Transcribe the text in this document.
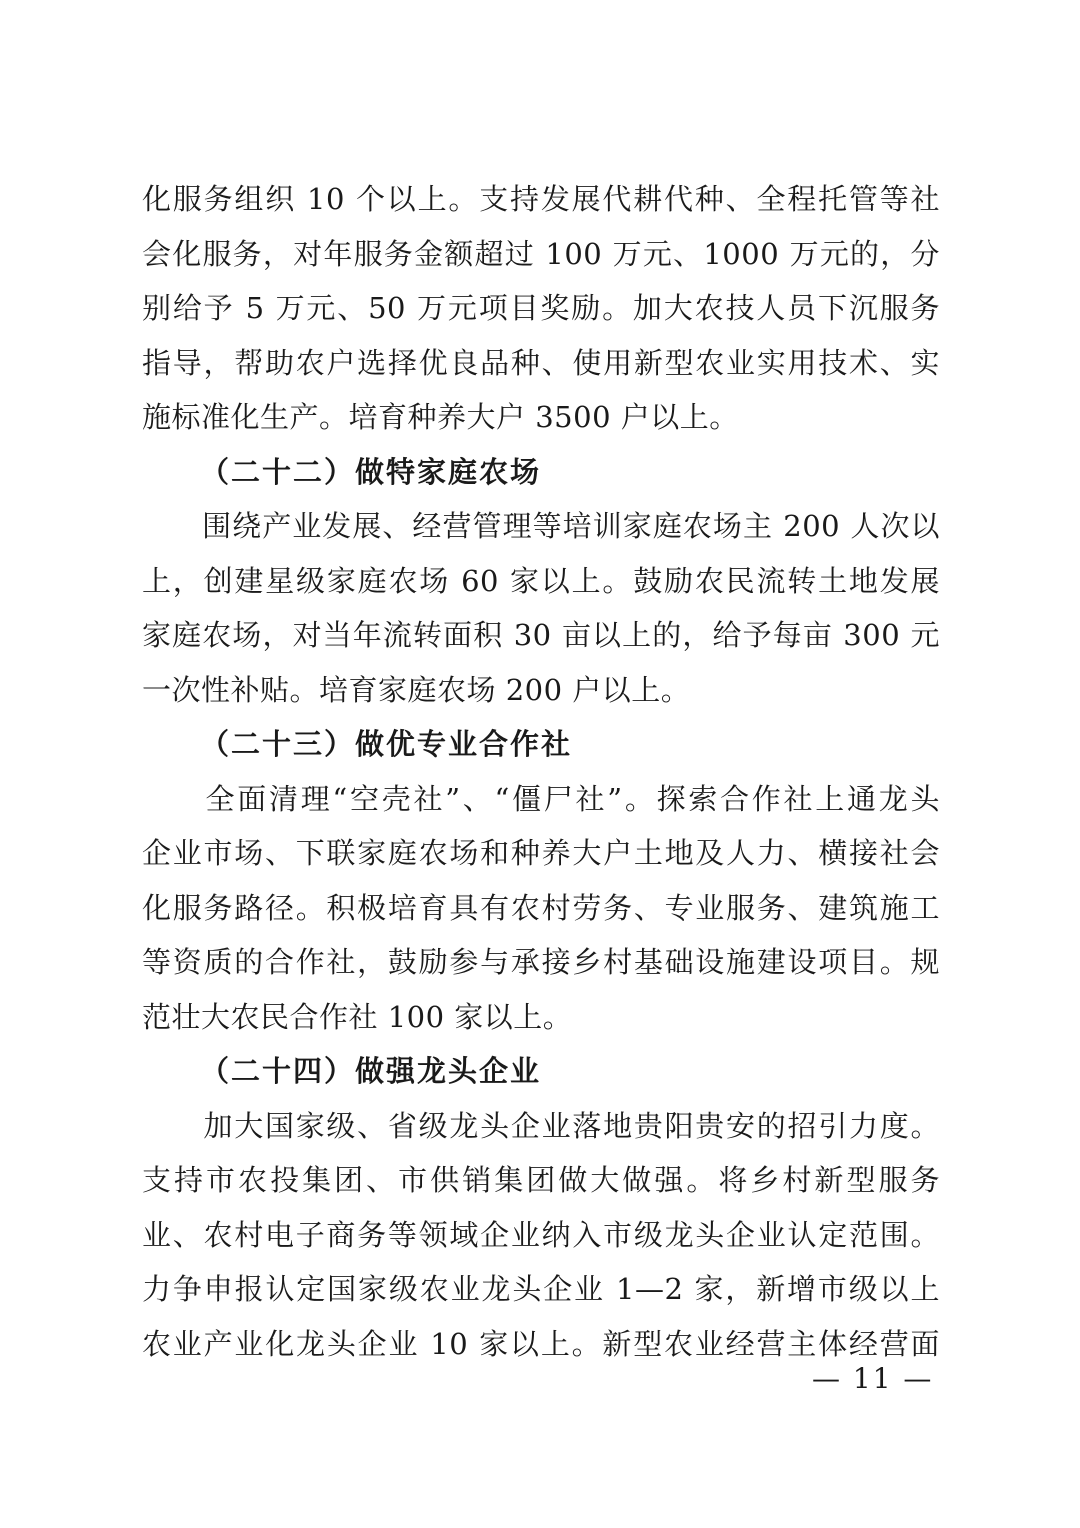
化服务组织 10 个以上。支持发展代耕代种、全程托管等社
会化服务，对年服务金额超过 100 万元、1000 万元的，分
别给予 5 万元、50 万元项目奖励。加大农技人员下沉服务
指导，帮助农户选择优良品种、使用新型农业实用技术、实
施标准化生产。培育种养大户 3500 户以上。
（二十二）做特家庭农场
　　围绕产业发展、经营管理等培训家庭农场主 200 人次以
上，创建星级家庭农场 60 家以上。鼓励农民流转土地发展
家庭农场，对当年流转面积 30 亩以上的，给予每亩 300 元
一次性补贴。培育家庭农场 200 户以上。
（二十三）做优专业合作社
　　全面清理“空壳社”、“僵尸社”。探索合作社上通龙头
企业市场、下联家庭农场和种养大户土地及人力、横接社会
化服务路径。积极培育具有农村劳务、专业服务、建筑施工
等资质的合作社，鼓励参与承接乡村基础设施建设项目。规
范壮大农民合作社 100 家以上。
（二十四）做强龙头企业
　　加大国家级、省级龙头企业落地贵阳贵安的招引力度。
支持市农投集团、市供销集团做大做强。将乡村新型服务
业、农村电子商务等领域企业纳入市级龙头企业认定范围。
力争申报认定国家级农业龙头企业 1—2 家，新增市级以上
农业产业化龙头企业 10 家以上。新型农业经营主体经营面
— 11 —
